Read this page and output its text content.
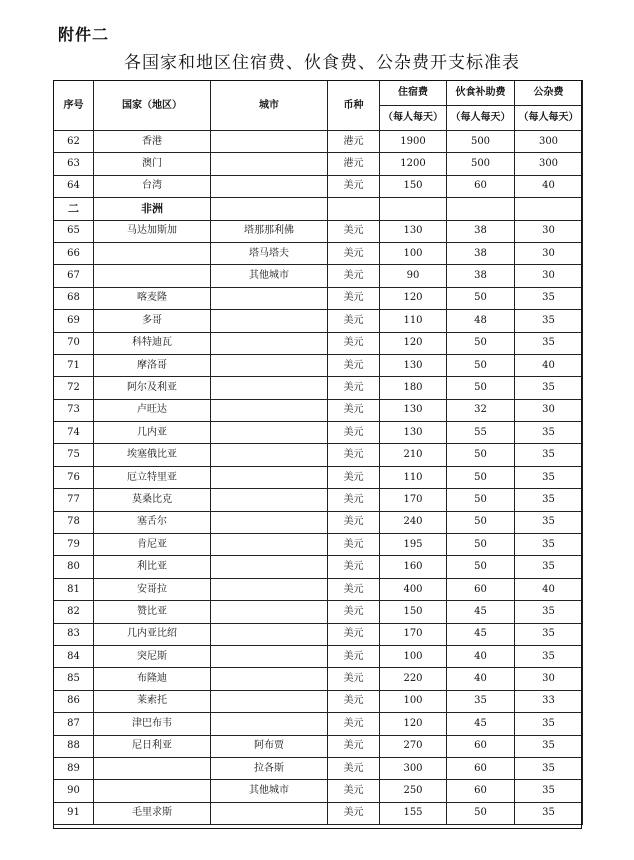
附件二
各国家和地区住宿费、伙食费、公杂费开支标准表
序号	国家（地区）	城市	币种	住宿费	伙食补助费	公杂费
				（每人每天）	（每人每天）	（每人每天）
62	香港		港元	1900	500	300
63	澳门		港元	1200	500	300
64	台湾		美元	150	60	40
二	非洲					
65	马达加斯加	塔那那利佛	美元	130	38	30
66		塔马塔夫	美元	100	38	30
67		其他城市	美元	90	38	30
68	喀麦隆		美元	120	50	35
69	多哥		美元	110	48	35
70	科特迪瓦		美元	120	50	35
71	摩洛哥		美元	130	50	40
72	阿尔及利亚		美元	180	50	35
73	卢旺达		美元	130	32	30
74	几内亚		美元	130	55	35
75	埃塞俄比亚		美元	210	50	35
76	厄立特里亚		美元	110	50	35
77	莫桑比克		美元	170	50	35
78	塞舌尔		美元	240	50	35
79	肯尼亚		美元	195	50	35
80	利比亚		美元	160	50	35
81	安哥拉		美元	400	60	40
82	赞比亚		美元	150	45	35
83	几内亚比绍		美元	170	45	35
84	突尼斯		美元	100	40	35
85	布隆迪		美元	220	40	30
86	莱索托		美元	100	35	33
87	津巴布韦		美元	120	45	35
88	尼日利亚	阿布贾	美元	270	60	35
89		拉各斯	美元	300	60	35
90		其他城市	美元	250	60	35
91	毛里求斯		美元	155	50	35
